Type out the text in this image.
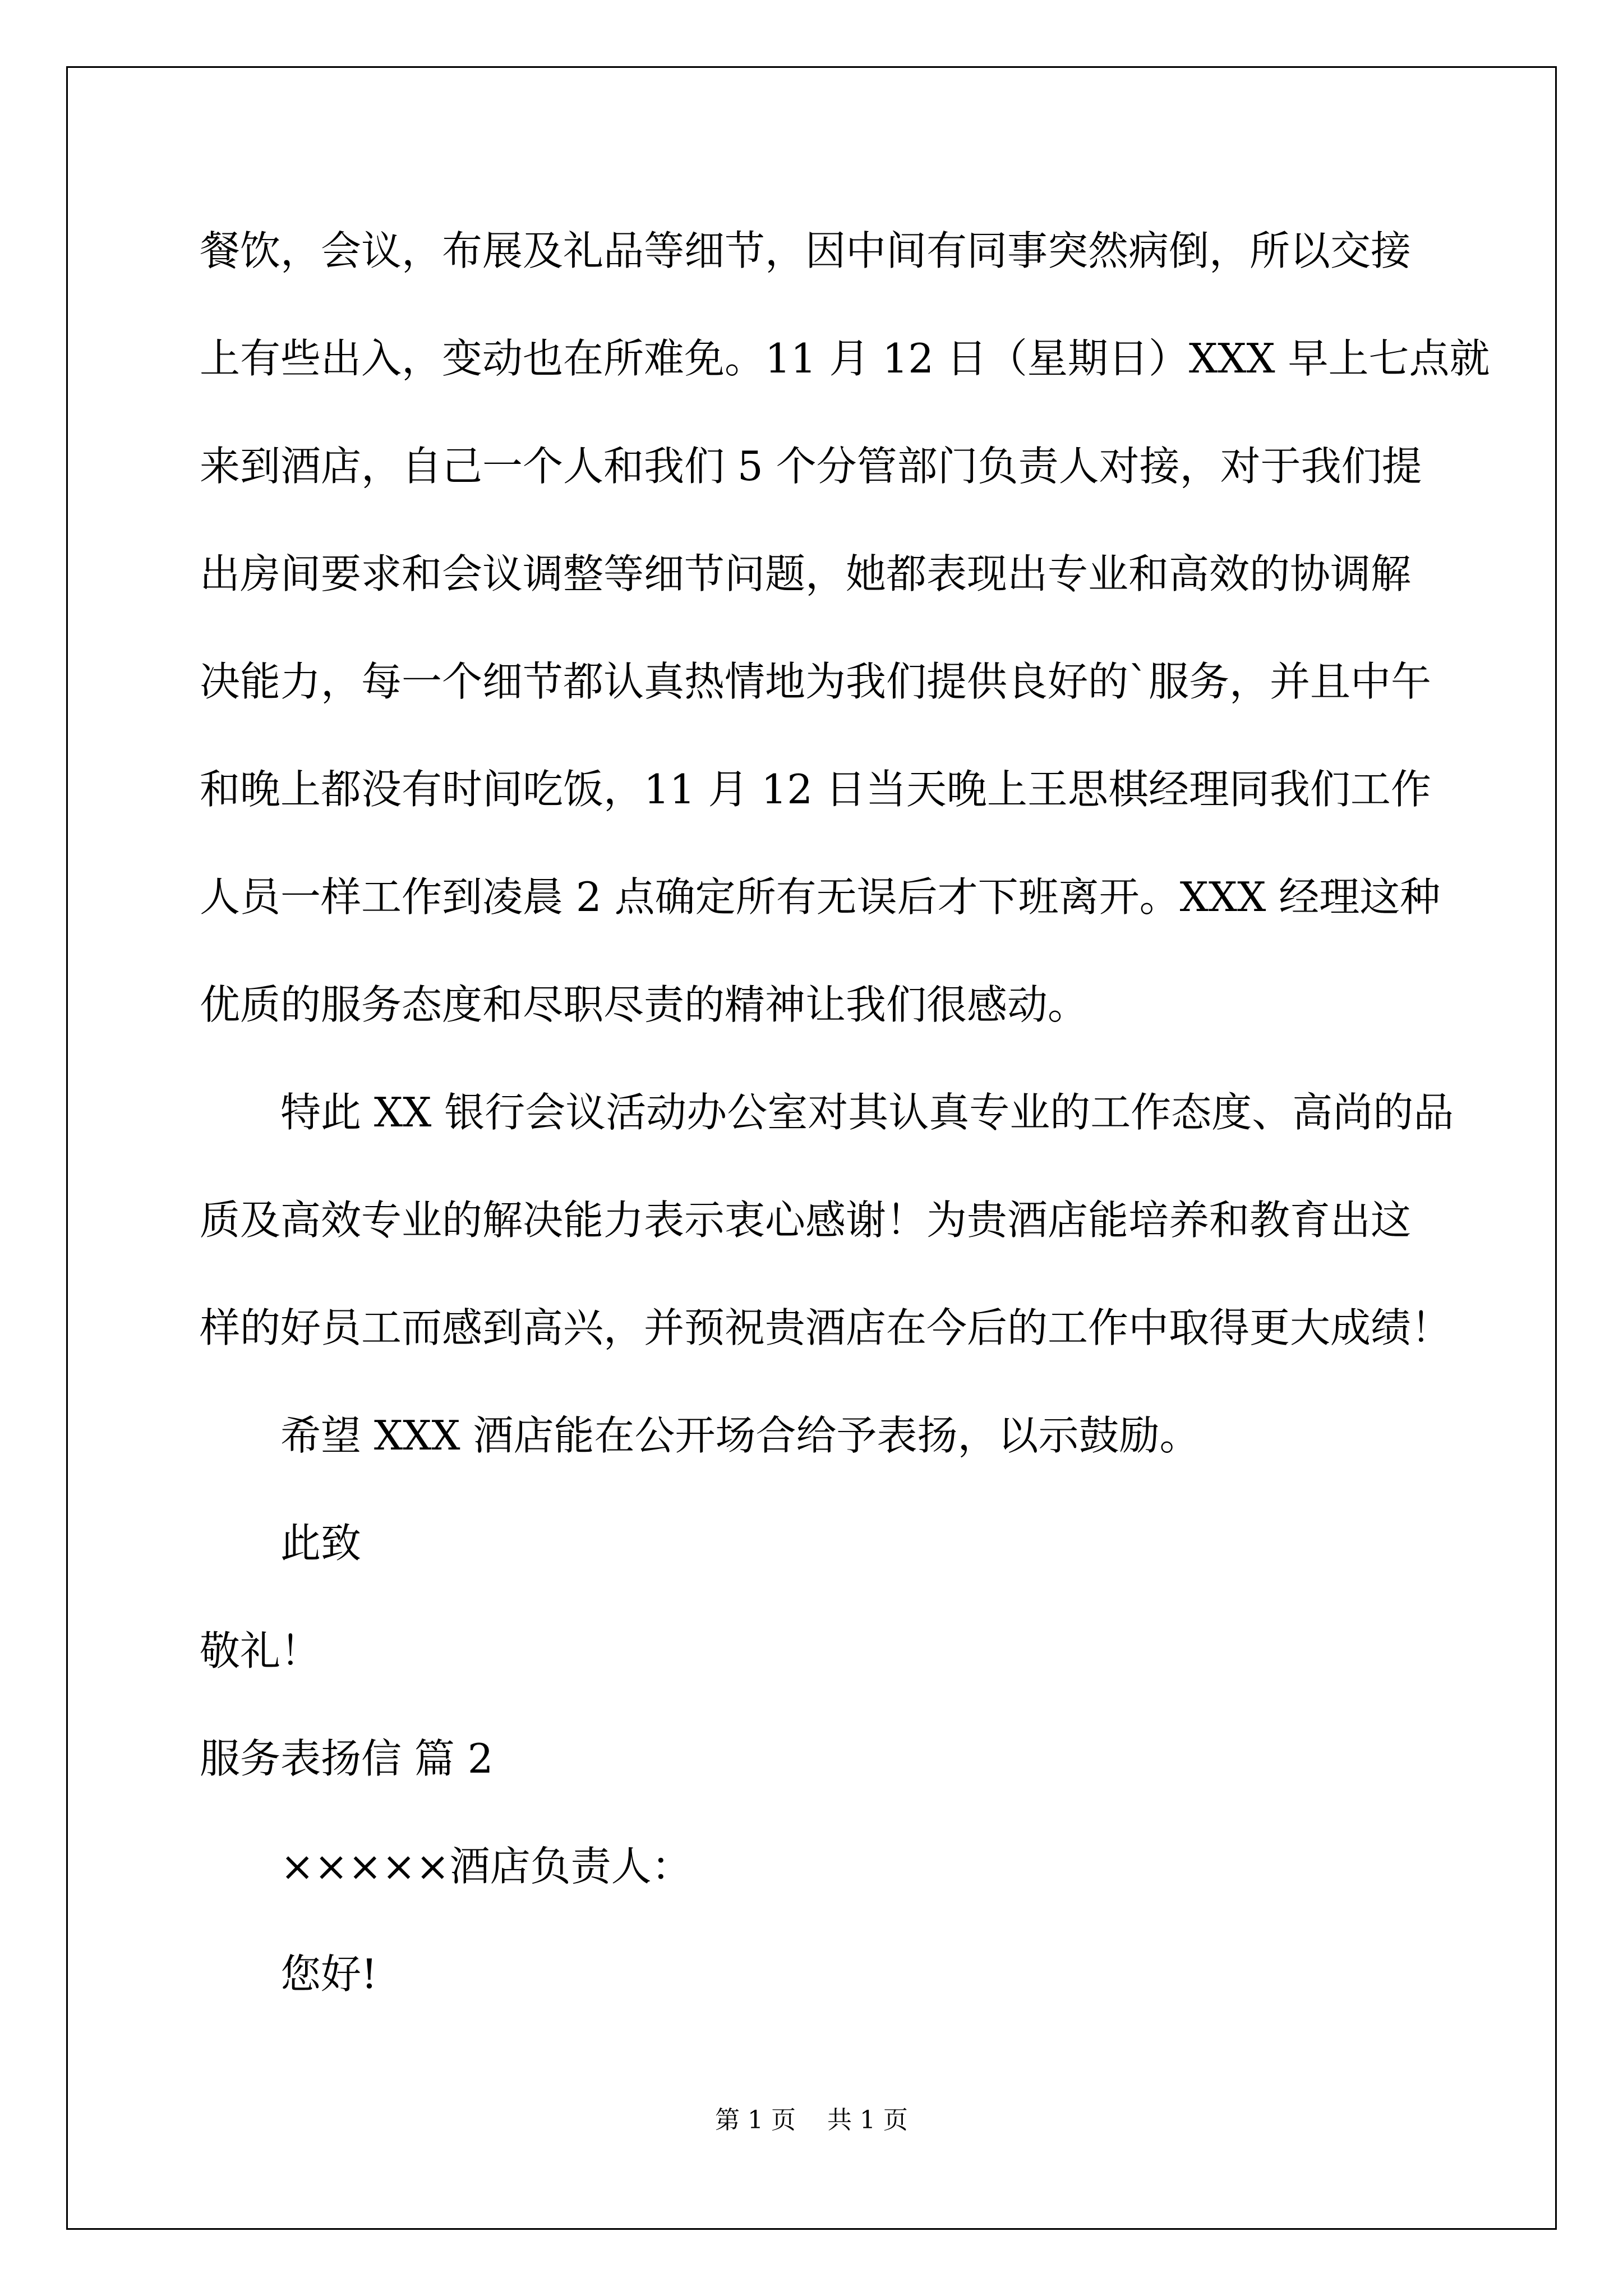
餐饮，会议，布展及礼品等细节，因中间有同事突然病倒，所以交接
上有些出入，变动也在所难免。11 月 12 日（星期日）XXX 早上七点就
来到酒店，自己一个人和我们 5 个分管部门负责人对接，对于我们提
出房间要求和会议调整等细节问题，她都表现出专业和高效的协调解
决能力，每一个细节都认真热情地为我们提供良好的`服务，并且中午
和晚上都没有时间吃饭，11 月 12 日当天晚上王思棋经理同我们工作
人员一样工作到凌晨 2 点确定所有无误后才下班离开。XXX 经理这种
优质的服务态度和尽职尽责的精神让我们很感动。
特此 XX 银行会议活动办公室对其认真专业的工作态度、高尚的品
质及高效专业的解决能力表示衷心感谢！为贵酒店能培养和教育出这
样的好员工而感到高兴，并预祝贵酒店在今后的工作中取得更大成绩！
希望 XXX 酒店能在公开场合给予表扬，以示鼓励。
此致
敬礼！
服务表扬信 篇 2
×××××酒店负责人：
您好!
第 1 页    共 1 页
